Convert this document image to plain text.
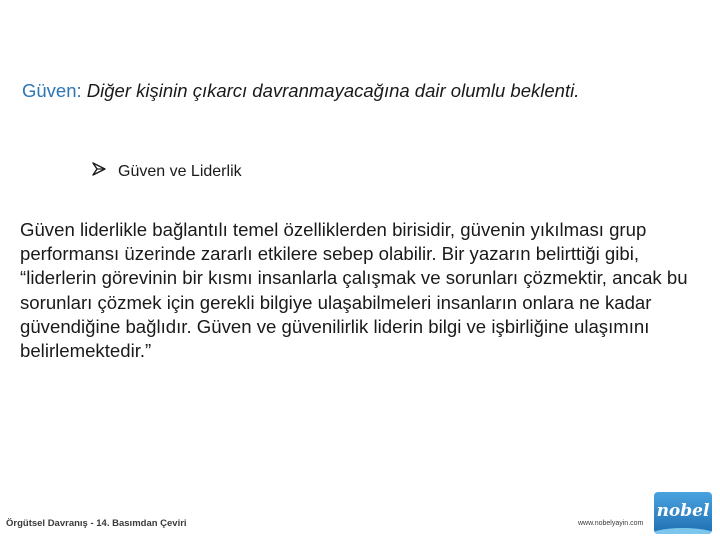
Güven: Diğer kişinin çıkarcı davranmayacağına dair olumlu beklenti.
Güven ve Liderlik
Güven liderlikle bağlantılı temel özelliklerden birisidir, güvenin yıkılması grup performansı üzerinde zararlı etkilere sebep olabilir. Bir yazarın belirttiği gibi, “liderlerin görevinin bir kısmı insanlarla çalışmak ve sorunları çözmektir, ancak bu sorunları çözmek için gerekli bilgiye ulaşabilmeleri insanların onlara ne kadar güvendiğine bağlıdır. Güven ve güvenilirlik liderin bilgi ve işbirliğine ulaşımını belirlemektedir.”
Örgütsel Davranış - 14. Basımdan Çeviri	www.nobelyayin.com
nobel
